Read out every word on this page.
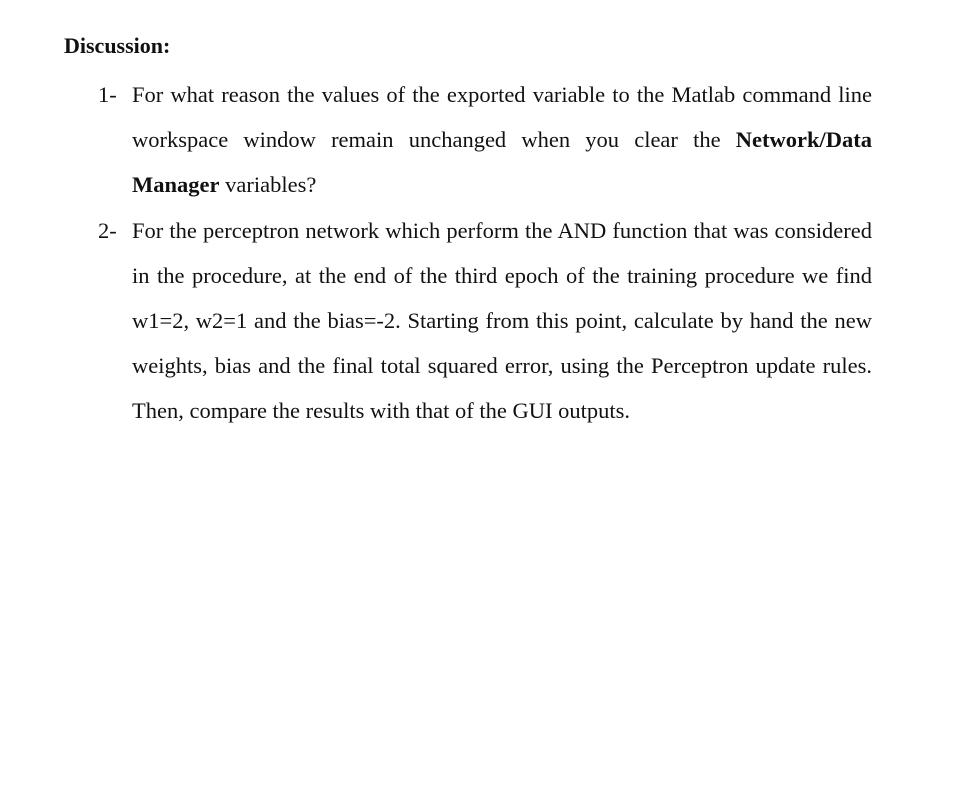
Discussion:
1- For what reason the values of the exported variable to the Matlab command line workspace window remain unchanged when you clear the Network/Data Manager variables?
2- For the perceptron network which perform the AND function that was considered in the procedure, at the end of the third epoch of the training procedure we find w1=2, w2=1 and the bias=-2. Starting from this point, calculate by hand the new weights, bias and the final total squared error, using the Perceptron update rules. Then, compare the results with that of the GUI outputs.
